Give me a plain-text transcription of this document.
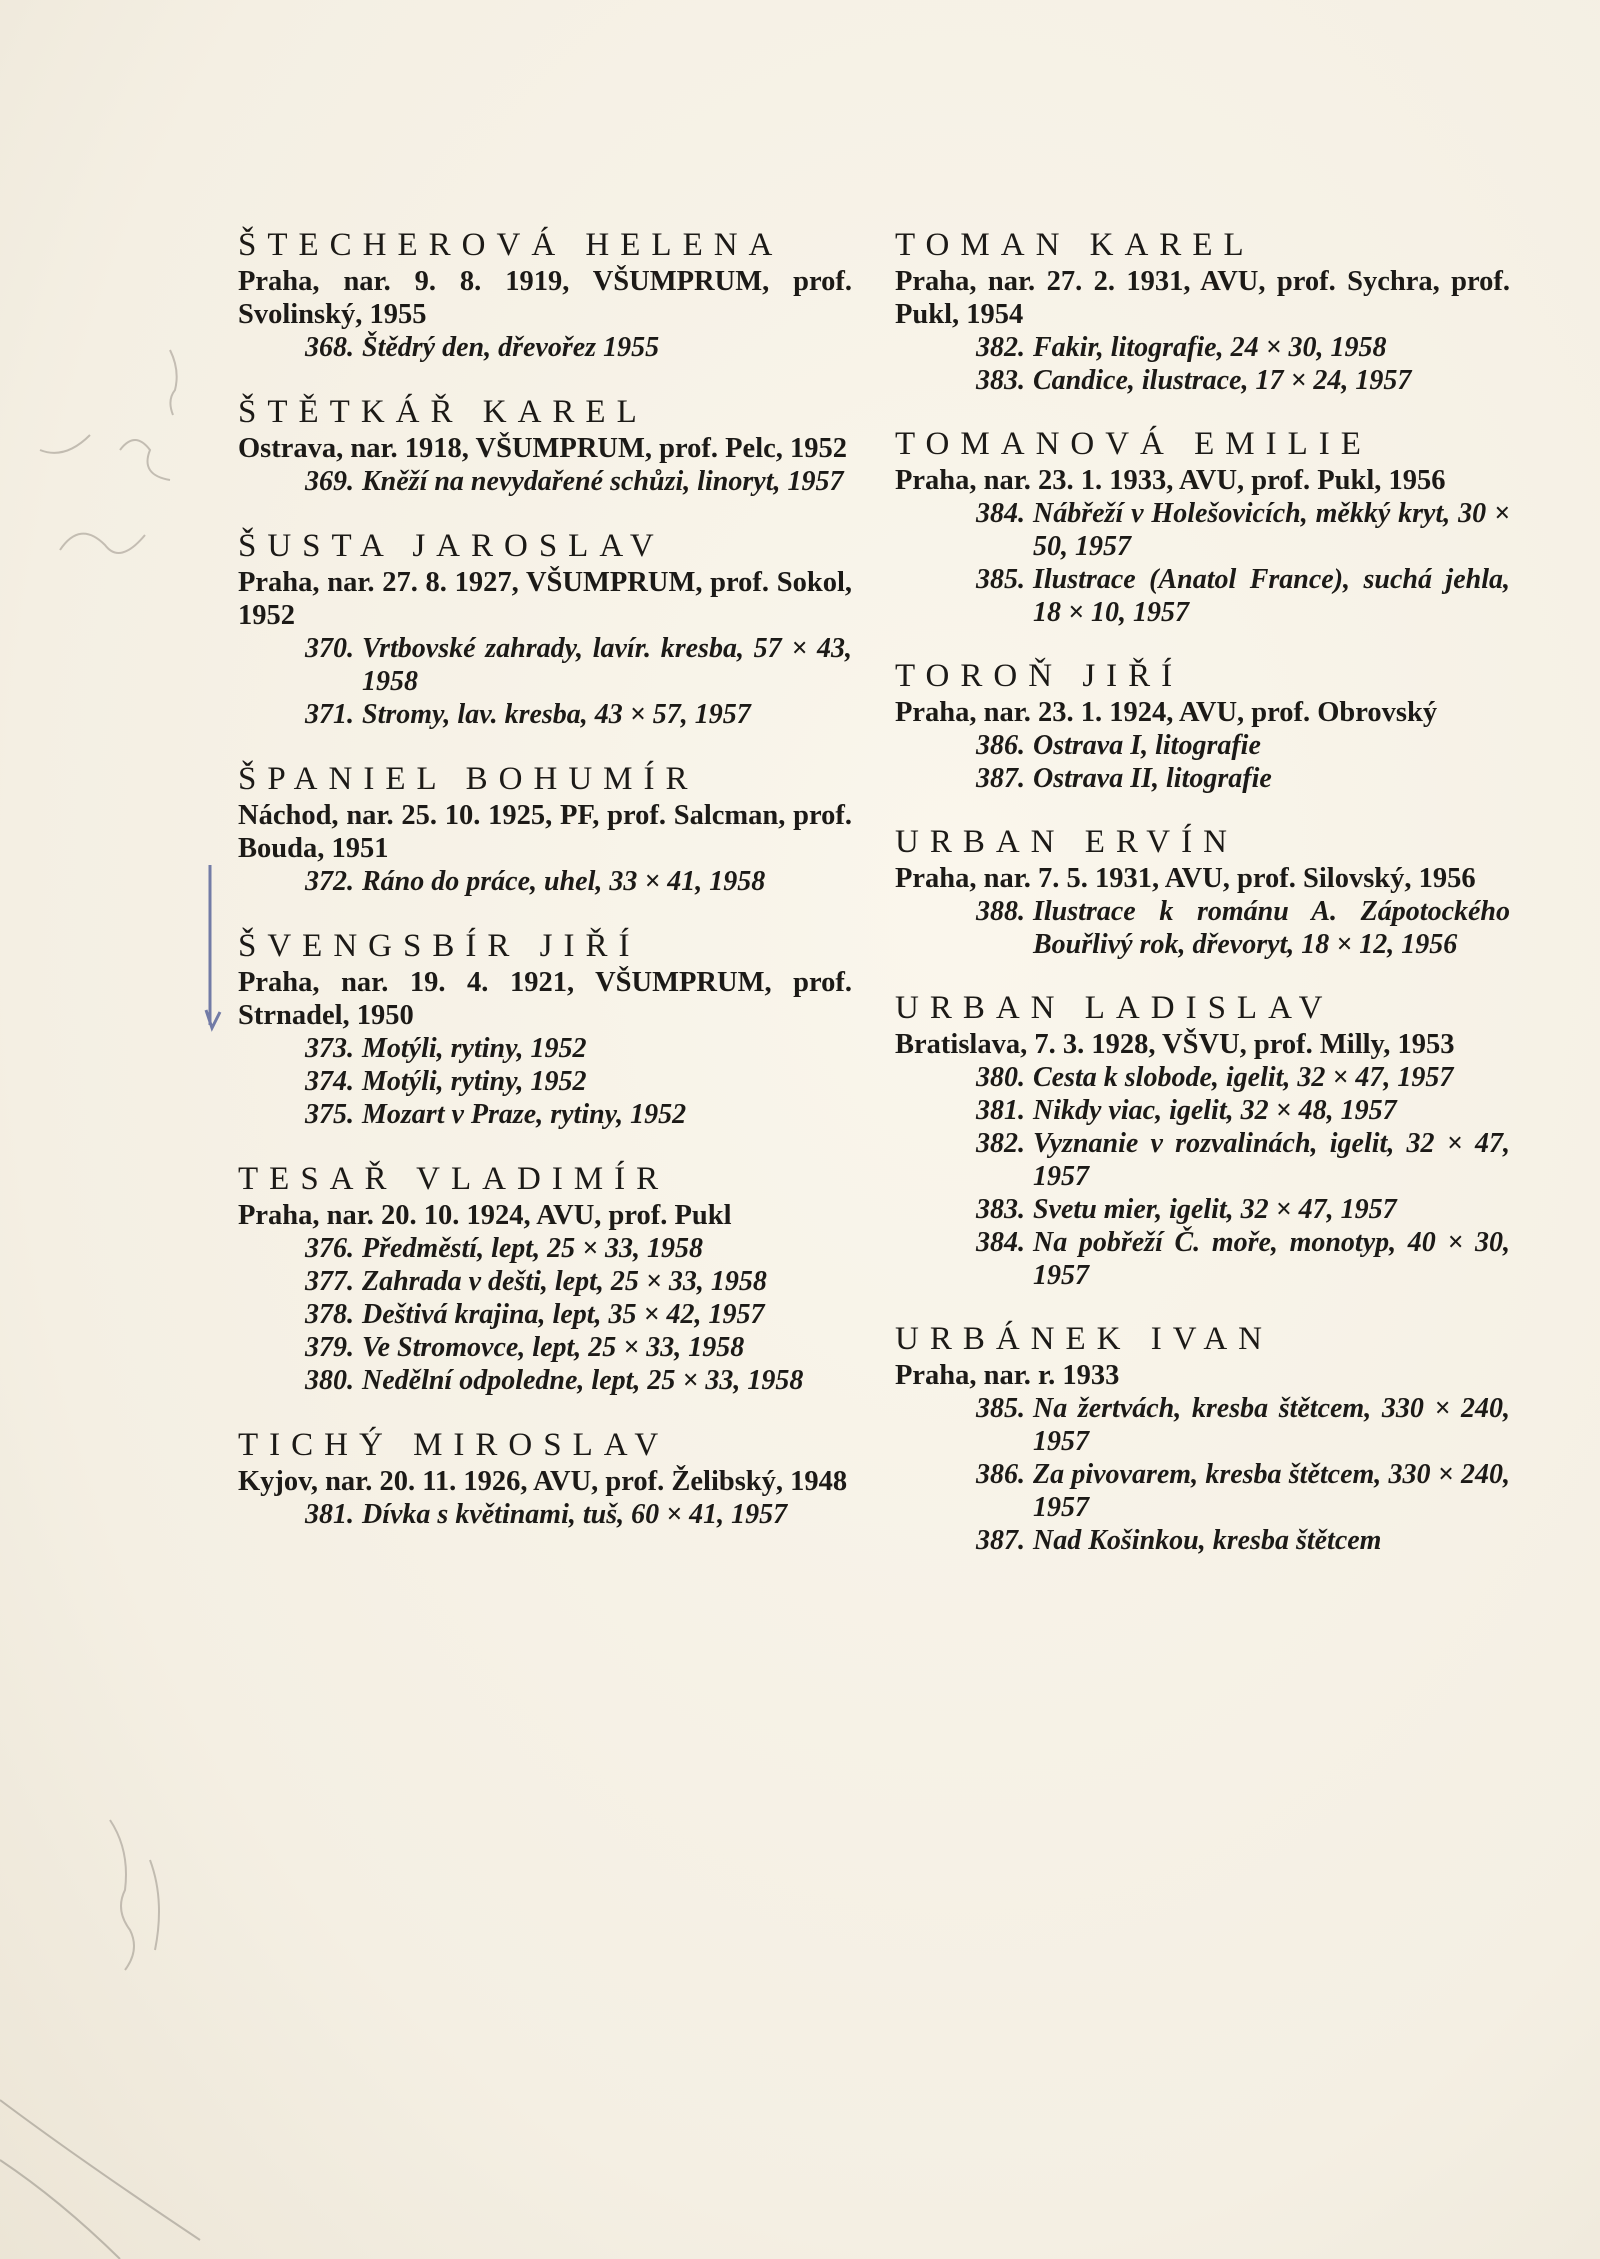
ŠTECHEROVÁ HELENA
Praha, nar. 9. 8. 1919, VŠUMPRUM, prof. Svolinský, 1955
368. Štědrý den, dřevořez 1955
ŠTĚTKÁŘ KAREL
Ostrava, nar. 1918, VŠUMPRUM, prof. Pelc, 1952
369. Kněží na nevydařené schůzi, linoryt, 1957
ŠUSTA JAROSLAV
Praha, nar. 27. 8. 1927, VŠUMPRUM, prof. Sokol, 1952
370. Vrtbovské zahrady, lavír. kresba, 57 × 43, 1958
371. Stromy, lav. kresba, 43 × 57, 1957
ŠPANIEL BOHUMÍR
Náchod, nar. 25. 10. 1925, PF, prof. Salcman, prof. Bouda, 1951
372. Ráno do práce, uhel, 33 × 41, 1958
ŠVENGSBÍR JIŘÍ
Praha, nar. 19. 4. 1921, VŠUMPRUM, prof. Strnadel, 1950
373. Motýli, rytiny, 1952
374. Motýli, rytiny, 1952
375. Mozart v Praze, rytiny, 1952
TESAŘ VLADIMÍR
Praha, nar. 20. 10. 1924, AVU, prof. Pukl
376. Předměstí, lept, 25 × 33, 1958
377. Zahrada v dešti, lept, 25 × 33, 1958
378. Deštivá krajina, lept, 35 × 42, 1957
379. Ve Stromovce, lept, 25 × 33, 1958
380. Nedělní odpoledne, lept, 25 × 33, 1958
TICHÝ MIROSLAV
Kyjov, nar. 20. 11. 1926, AVU, prof. Želibský, 1948
381. Dívka s květinami, tuš, 60 × 41, 1957
TOMAN KAREL
Praha, nar. 27. 2. 1931, AVU, prof. Sychra, prof. Pukl, 1954
382. Fakir, litografie, 24 × 30, 1958
383. Candice, ilustrace, 17 × 24, 1957
TOMANOVÁ EMILIE
Praha, nar. 23. 1. 1933, AVU, prof. Pukl, 1956
384. Nábřeží v Holešovicích, měkký kryt, 30 × 50, 1957
385. Ilustrace (Anatol France), suchá jehla, 18 × 10, 1957
TOROŇ JIŘÍ
Praha, nar. 23. 1. 1924, AVU, prof. Obrovský
386. Ostrava I, litografie
387. Ostrava II, litografie
URBAN ERVÍN
Praha, nar. 7. 5. 1931, AVU, prof. Silovský, 1956
388. Ilustrace k románu A. Zápotockého Bouřlivý rok, dřevoryt, 18 × 12, 1956
URBAN LADISLAV
Bratislava, 7. 3. 1928, VŠVU, prof. Milly, 1953
380. Cesta k slobode, igelit, 32 × 47, 1957
381. Nikdy viac, igelit, 32 × 48, 1957
382. Vyznanie v rozvalinách, igelit, 32 × 47, 1957
383. Svetu mier, igelit, 32 × 47, 1957
384. Na pobřeží Č. moře, monotyp, 40 × 30, 1957
URBÁNEK IVAN
Praha, nar. r. 1933
385. Na žertvách, kresba štětcem, 330 × 240, 1957
386. Za pivovarem, kresba štětcem, 330 × 240, 1957
387. Nad Košinkou, kresba štětcem
